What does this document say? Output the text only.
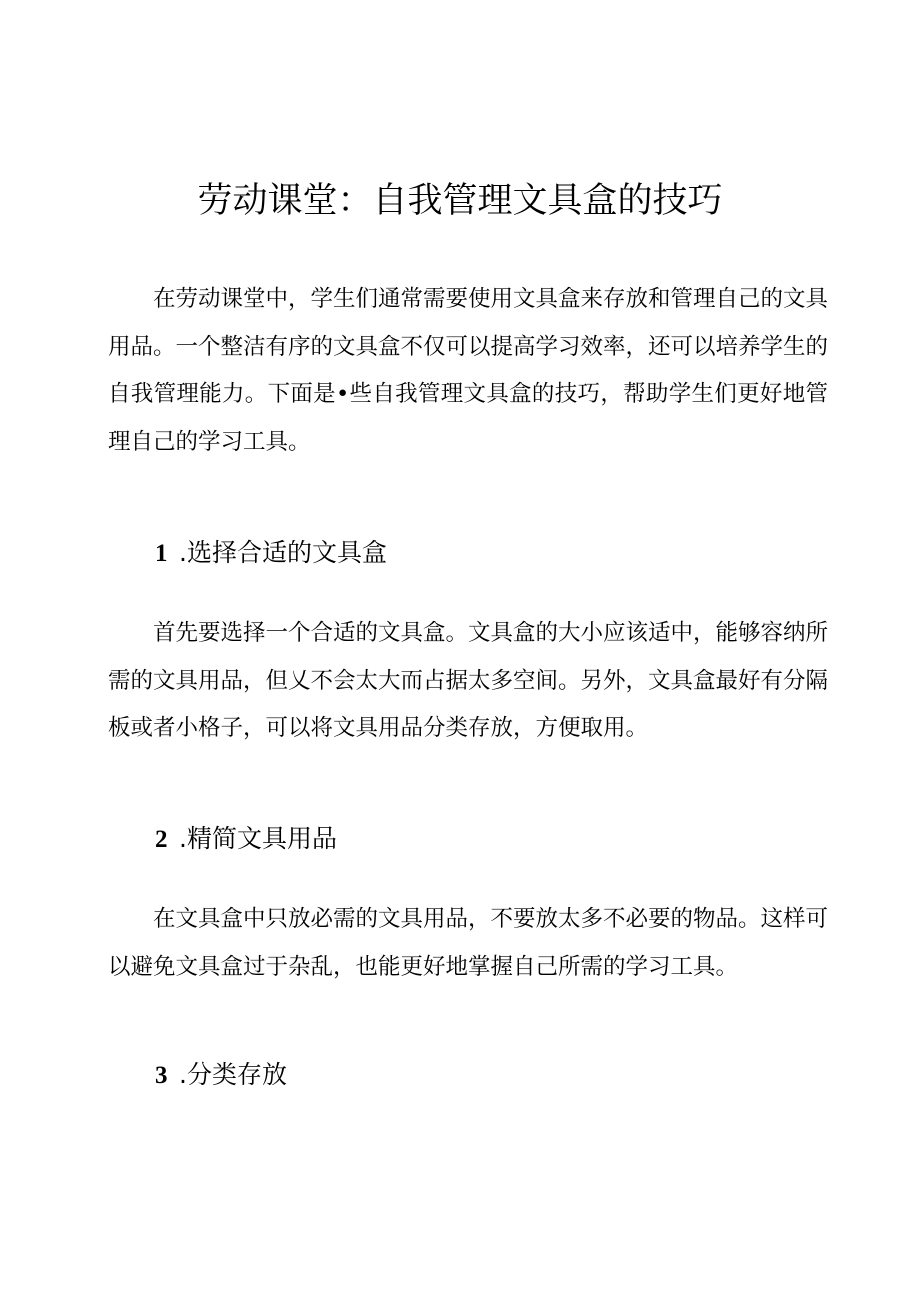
劳动课堂：自我管理文具盒的技巧

在劳动课堂中，学生们通常需要使用文具盒来存放和管理自己的文具用品。一个整洁有序的文具盒不仅可以提高学习效率，还可以培养学生的自我管理能力。下面是•些自我管理文具盒的技巧，帮助学生们更好地管理自己的学习工具。

1 .选择合适的文具盒

首先要选择一个合适的文具盒。文具盒的大小应该适中，能够容纳所需的文具用品，但乂不会太大而占据太多空间。另外，文具盒最好有分隔板或者小格子，可以将文具用品分类存放，方便取用。

2 .精简文具用品

在文具盒中只放必需的文具用品，不要放太多不必要的物品。这样可以避免文具盒过于杂乱，也能更好地掌握自己所需的学习工具。

3 .分类存放
